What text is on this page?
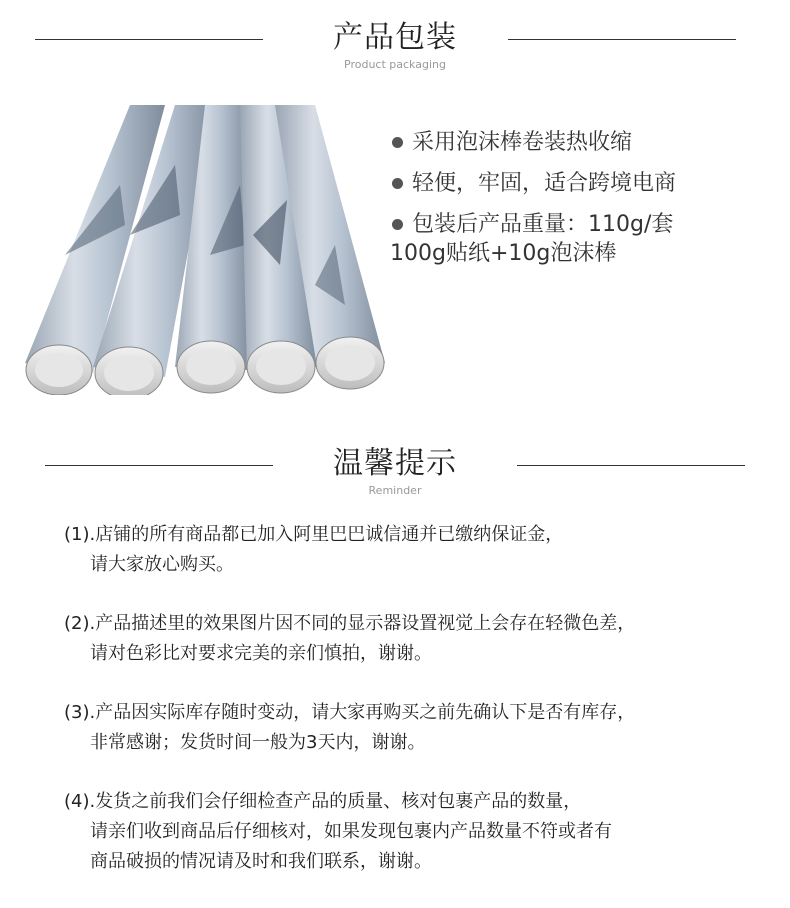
产品包装
Product packaging
采用泡沫棒卷装热收缩
轻便，牢固，适合跨境电商
包装后产品重量：110g/套
100g贴纸+10g泡沫棒
温馨提示
Reminder
(1).店铺的所有商品都已加入阿里巴巴诚信通并已缴纳保证金，
请大家放心购买。
(2).产品描述里的效果图片因不同的显示器设置视觉上会存在轻微色差，
请对色彩比对要求完美的亲们慎拍，谢谢。
(3).产品因实际库存随时变动，请大家再购买之前先确认下是否有库存，
非常感谢；发货时间一般为3天内，谢谢。
(4).发货之前我们会仔细检查产品的质量、核对包裹产品的数量，
请亲们收到商品后仔细核对，如果发现包裹内产品数量不符或者有
商品破损的情况请及时和我们联系，谢谢。
